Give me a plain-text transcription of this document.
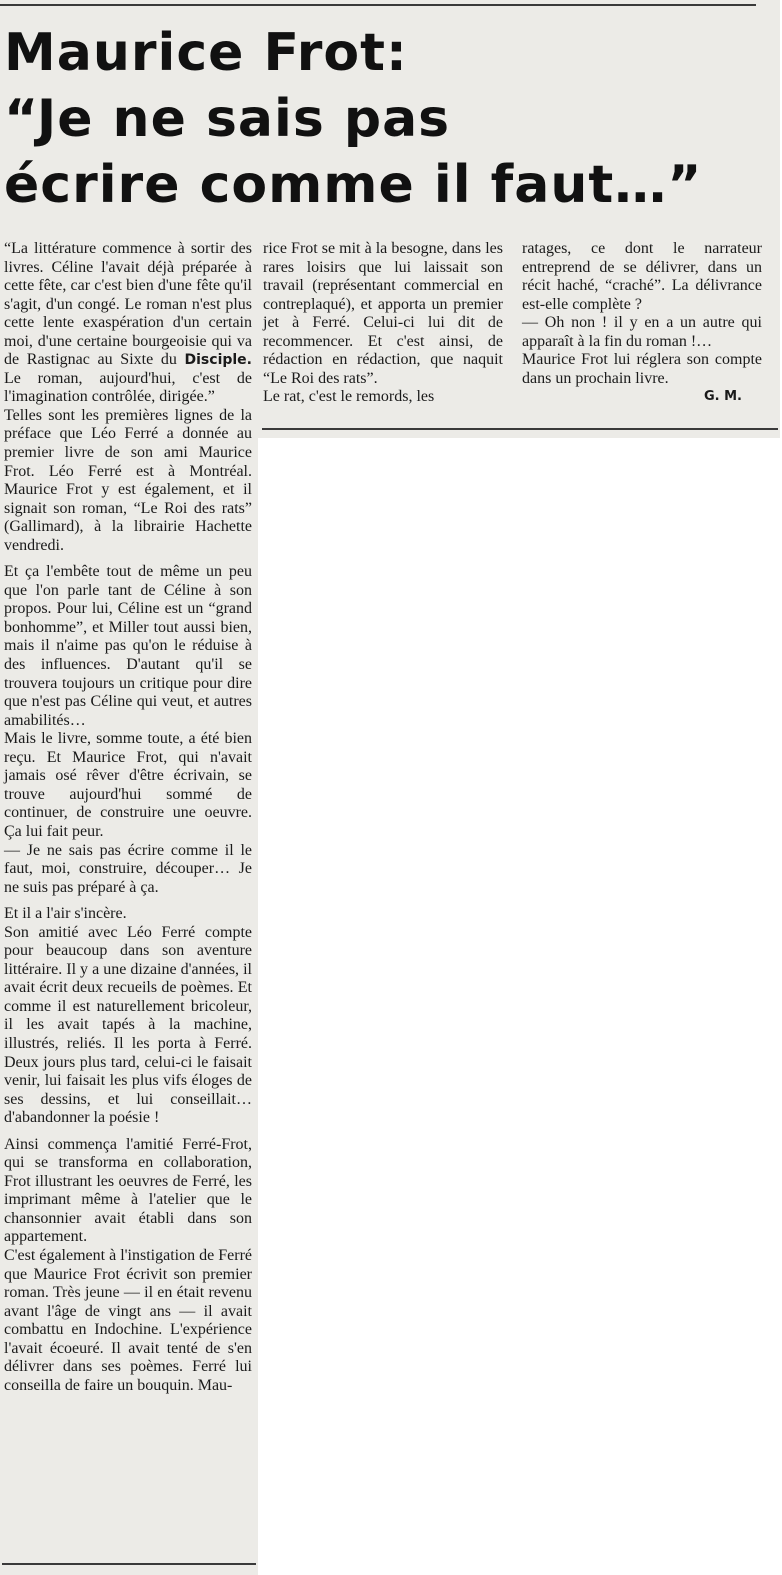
Maurice Frot:
“Je ne sais pas
écrire comme il faut…”

“La littérature commence à sortir des livres. Céline l'avait déjà préparée à cette fête, car c'est bien d'une fête qu'il s'agit, d'un congé. Le roman n'est plus cette lente exaspération d'un certain moi, d'une certaine bourgeoisie qui va de Rastignac au Sixte du Disciple. Le roman, aujourd'hui, c'est de l'imagination contrôlée, dirigée.”

Telles sont les premières lignes de la préface que Léo Ferré a donnée au premier livre de son ami Maurice Frot. Léo Ferré est à Montréal. Maurice Frot y est également, et il signait son roman, “Le Roi des rats” (Gallimard), à la librairie Hachette vendredi.

Et ça l'embête tout de même un peu que l'on parle tant de Céline à son propos. Pour lui, Céline est un “grand bonhomme”, et Miller tout aussi bien, mais il n'aime pas qu'on le réduise à des influences. D'autant qu'il se trouvera toujours un critique pour dire que n'est pas Céline qui veut, et autres amabilités…

Mais le livre, somme toute, a été bien reçu. Et Maurice Frot, qui n'avait jamais osé rêver d'être écrivain, se trouve aujourd'hui sommé de continuer, de construire une oeuvre. Ça lui fait peur.

— Je ne sais pas écrire comme il le faut, moi, construire, découper… Je ne suis pas préparé à ça.

Et il a l'air s'incère.

Son amitié avec Léo Ferré compte pour beaucoup dans son aventure littéraire. Il y a une dizaine d'années, il avait écrit deux recueils de poèmes. Et comme il est naturellement bricoleur, il les avait tapés à la machine, illustrés, reliés. Il les porta à Ferré. Deux jours plus tard, celui-ci le faisait venir, lui faisait les plus vifs éloges de ses dessins, et lui conseillait… d'abandonner la poésie !

Ainsi commença l'amitié Ferré-Frot, qui se transforma en collaboration, Frot illustrant les oeuvres de Ferré, les imprimant même à l'atelier que le chansonnier avait établi dans son appartement.

C'est également à l'instigation de Ferré que Maurice Frot écrivit son premier roman. Très jeune — il en était revenu avant l'âge de vingt ans — il avait combattu en Indochine. L'expérience l'avait écoeuré. Il avait tenté de s'en délivrer dans ses poèmes. Ferré lui conseilla de faire un bouquin. Mau-

rice Frot se mit à la besogne, dans les rares loisirs que lui laissait son travail (représentant commercial en contreplaqué), et apporta un premier jet à Ferré. Celui-ci lui dit de recommencer. Et c'est ainsi, de rédaction en rédaction, que naquit “Le Roi des rats”.

Le rat, c'est le remords, les

ratages, ce dont le narrateur entreprend de se délivrer, dans un récit haché, “craché”. La délivrance est-elle complète ?

— Oh non ! il y en a un autre qui apparaît à la fin du roman !…

Maurice Frot lui réglera son compte dans un prochain livre.

G. M.
